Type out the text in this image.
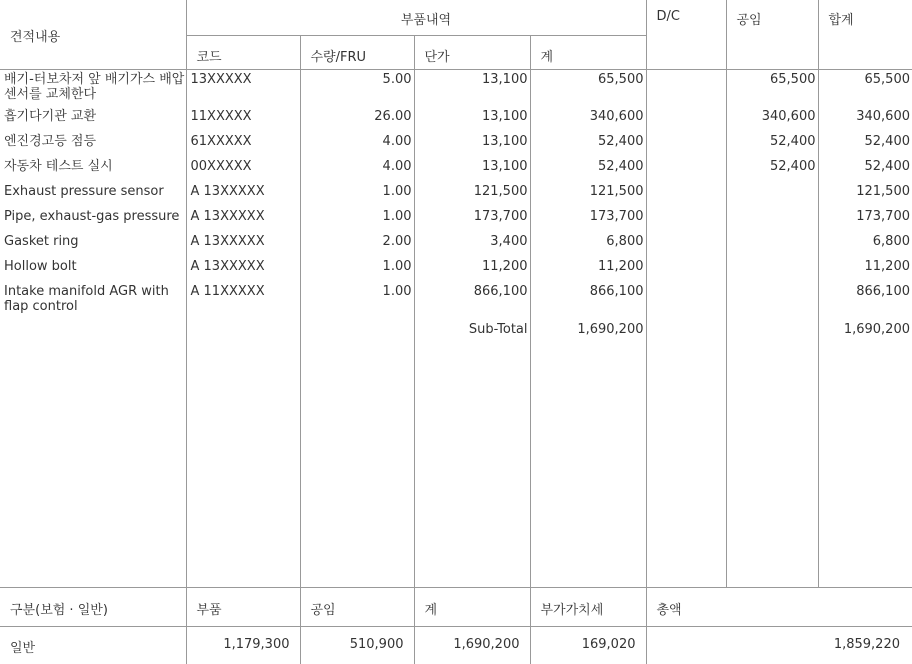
견적내용	부품내역				D/C	공임	합계
	코드	수량/FRU	단가	계			
배기-터보차저 앞 배기가스 배압센서를 교체한다	13XXXXX	5.00	13,100	65,500		65,500	65,500
흡기다기관 교환	11XXXXX	26.00	13,100	340,600		340,600	340,600
엔진경고등 점등	61XXXXX	4.00	13,100	52,400		52,400	52,400
자동차 테스트 실시	00XXXXX	4.00	13,100	52,400		52,400	52,400
Exhaust pressure sensor	A 13XXXXX	1.00	121,500	121,500			121,500
Pipe, exhaust-gas pressure	A 13XXXXX	1.00	173,700	173,700			173,700
Gasket ring	A 13XXXXX	2.00	3,400	6,800			6,800
Hollow bolt	A 13XXXXX	1.00	11,200	11,200			11,200
Intake manifold AGR with flap control	A 11XXXXX	1.00	866,100	866,100			866,100
			Sub-Total	1,690,200			1,690,200

구분(보험 · 일반)	부품	공임	계	부가가치세	총액		
일반	1,179,300	510,900	1,690,200	169,020	1,859,220		
